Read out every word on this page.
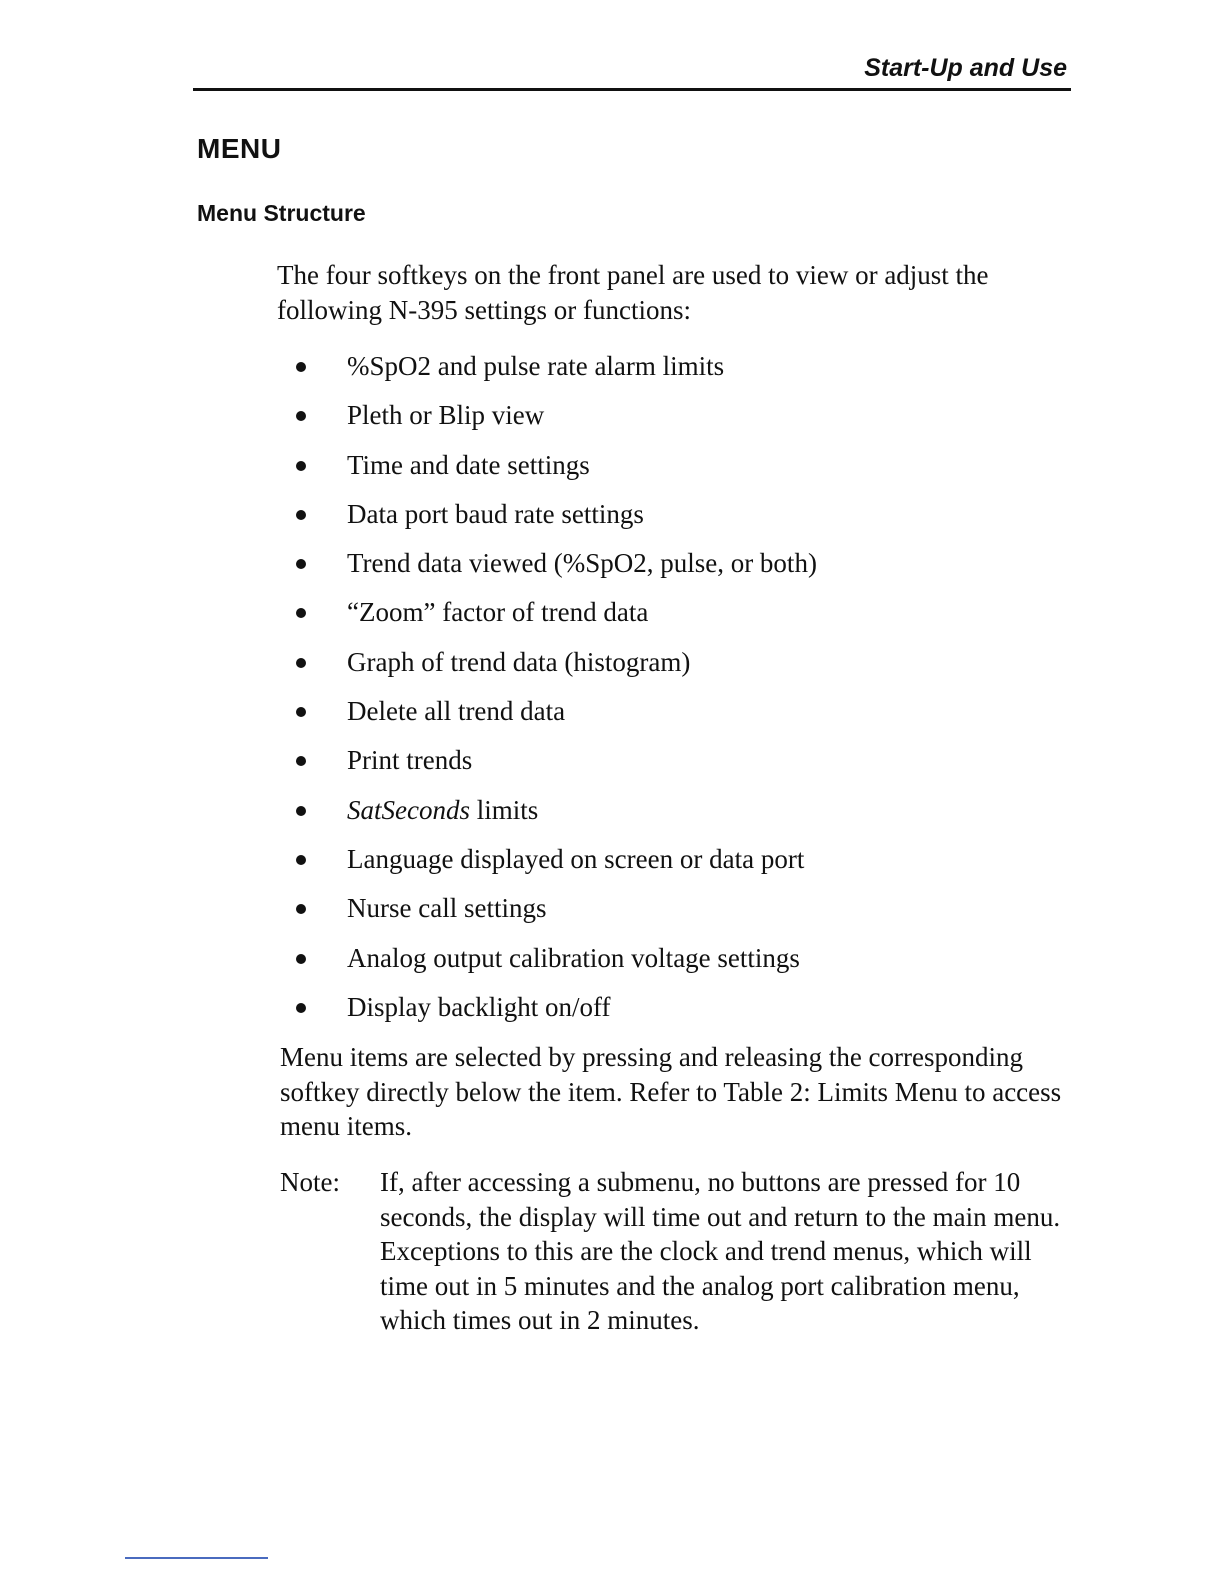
Start-Up and Use
MENU
Menu Structure

The four softkeys on the front panel are used to view or adjust the following N-395 settings or functions:

%SpO2 and pulse rate alarm limits
Pleth or Blip view
Time and date settings
Data port baud rate settings
Trend data viewed (%SpO2, pulse, or both)
“Zoom” factor of trend data
Graph of trend data (histogram)
Delete all trend data
Print trends
SatSeconds limits
Language displayed on screen or data port
Nurse call settings
Analog output calibration voltage settings
Display backlight on/off

Menu items are selected by pressing and releasing the corresponding softkey directly below the item. Refer to Table 2: Limits Menu to access menu items.

Note: If, after accessing a submenu, no buttons are pressed for 10 seconds, the display will time out and return to the main menu. Exceptions to this are the clock and trend menus, which will time out in 5 minutes and the analog port calibration menu, which times out in 2 minutes.
